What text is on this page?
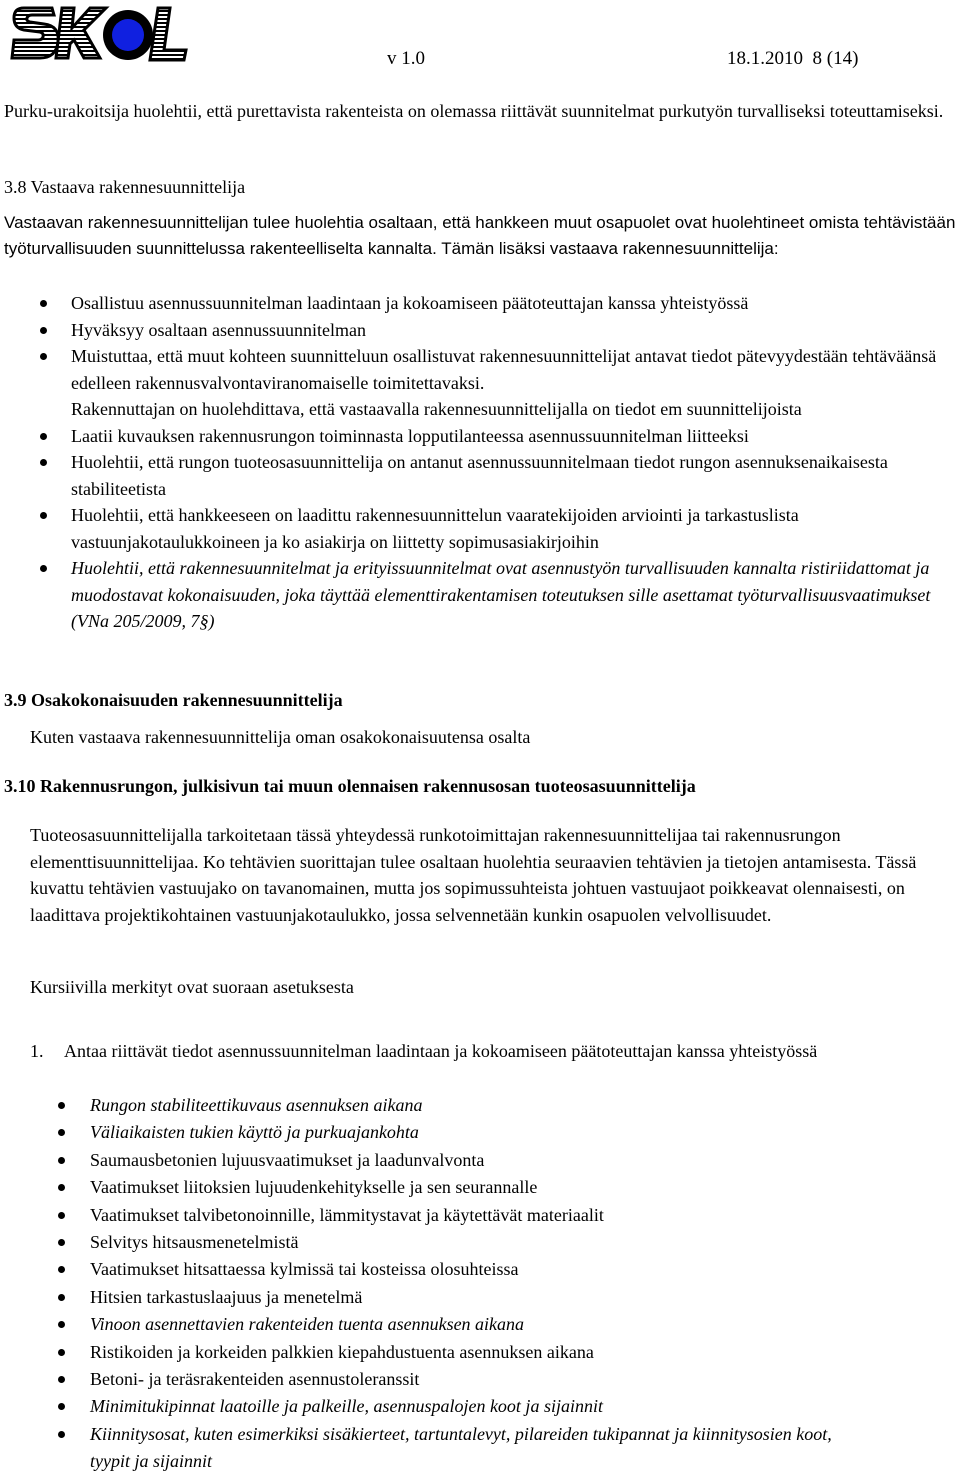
v 1.0	18.1.2010  8 (14)

Purku-urakoitsija huolehtii, että purettavista rakenteista on olemassa riittävät suunnitelmat purkutyön turvalliseksi toteuttamiseksi.

3.8 Vastaava rakennesuunnittelija
Vastaavan rakennesuunnittelijan tulee huolehtia osaltaan, että hankkeen muut osapuolet ovat huolehtineet omista tehtävistään työturvallisuuden suunnittelussa rakenteelliselta kannalta. Tämän lisäksi vastaava rakennesuunnittelija:
Osallistuu asennussuunnitelman laadintaan ja kokoamiseen päätoteuttajan kanssa yhteistyössä
Hyväksyy osaltaan asennussuunnitelman
Muistuttaa, että muut kohteen suunnitteluun osallistuvat rakennesuunnittelijat antavat tiedot pätevyydestään tehtäväänsä edelleen rakennusvalvontaviranomaiselle toimitettavaksi.
Rakennuttajan on huolehdittava, että vastaavalla rakennesuunnittelijalla on tiedot em suunnittelijoista
Laatii kuvauksen rakennusrungon toiminnasta lopputilanteessa asennussuunnitelman liitteeksi
Huolehtii, että rungon tuoteosasuunnittelija on antanut asennussuunnitelmaan tiedot rungon asennuksenaikaisesta stabiliteetista
Huolehtii, että hankkeeseen on laadittu rakennesuunnittelun vaaratekijoiden arviointi ja tarkastuslista vastuunjakotaulukkoineen ja ko asiakirja on liittetty sopimusasiakirjoihin
Huolehtii, että rakennesuunnitelmat ja erityissuunnitelmat ovat asennustyön turvallisuuden kannalta ristiriidattomat ja muodostavat kokonaisuuden, joka täyttää elementtirakentamisen toteutuksen sille asettamat työturvallisuusvaatimukset (VNa 205/2009, 7§)
3.9 Osakokonaisuuden rakennesuunnittelija

Kuten vastaava rakennesuunnittelija oman osakokonaisuutensa osalta

3.10 Rakennusrungon, julkisivun tai muun olennaisen rakennusosan tuoteosasuunnittelija

Tuoteosasuunnittelijalla tarkoitetaan tässä yhteydessä runkotoimittajan rakennesuunnittelijaa tai rakennusrungon elementtisuunnittelijaa. Ko tehtävien suorittajan tulee osaltaan huolehtia seuraavien tehtävien ja tietojen antamisesta. Tässä kuvattu tehtävien vastuujako on tavanomainen, mutta jos sopimussuhteista johtuen vastuujaot poikkeavat olennaisesti, on laadittava projektikohtainen vastuunjakotaulukko, jossa selvennetään kunkin osapuolen velvollisuudet.

Kursiivilla merkityt ovat suoraan asetuksesta

1. Antaa riittävät tiedot asennussuunnitelman laadintaan ja kokoamiseen päätoteuttajan kanssa yhteistyössä
Rungon stabiliteettikuvaus asennuksen aikana
Väliaikaisten tukien käyttö ja purkuajankohta
Saumausbetonien lujuusvaatimukset ja laadunvalvonta
Vaatimukset liitoksien lujuudenkehitykselle ja sen seurannalle
Vaatimukset talvibetonoinnille, lämmitystavat ja käytettävät materiaalit
Selvitys hitsausmenetelmistä
Vaatimukset hitsattaessa kylmissä tai kosteissa olosuhteissa
Hitsien tarkastuslaajuus ja menetelmä
Vinoon asennettavien rakenteiden tuenta asennuksen aikana
Ristikoiden ja korkeiden palkkien kiepahdustuenta asennuksen aikana
Betoni- ja teräsrakenteiden asennustoleranssit
Minimitukipinnat laatoille ja palkeille, asennuspalojen koot ja sijainnit
Kiinnitysosat, kuten esimerkiksi sisäkierteet, tartuntalevyt, pilareiden tukipannat ja kiinnitysosien koot, tyypit ja sijainnit
